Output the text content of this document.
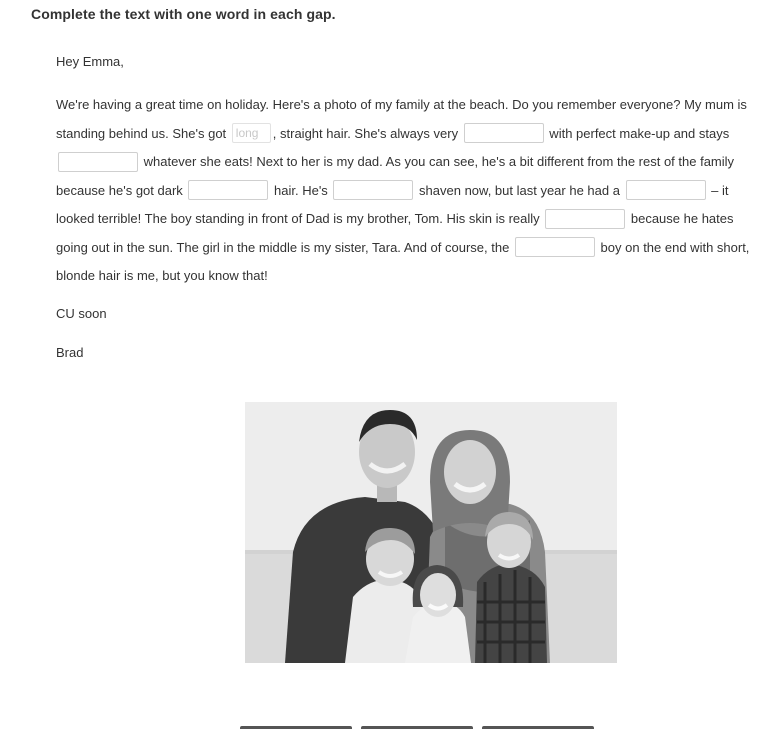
Complete the text with one word in each gap.

Hey Emma,

We're having a great time on holiday. Here's a photo of my family at the beach. Do you remember everyone? My mum is standing behind us. She's got long , straight hair. She's always very	with perfect make-up and stays  whatever she eats! Next to her is my dad. As you can see, he's a bit different from the rest of the family because he's got dark	hair. He's	shaven now, but last year he had a	– it looked terrible! The boy standing in front of Dad is my brother, Tom. His skin is really	because he hates going out in the sun. The girl in the middle is my sister, Tara. And of course, the	boy on the end with short, blonde hair is me, but you know that!

CU soon

Brad
